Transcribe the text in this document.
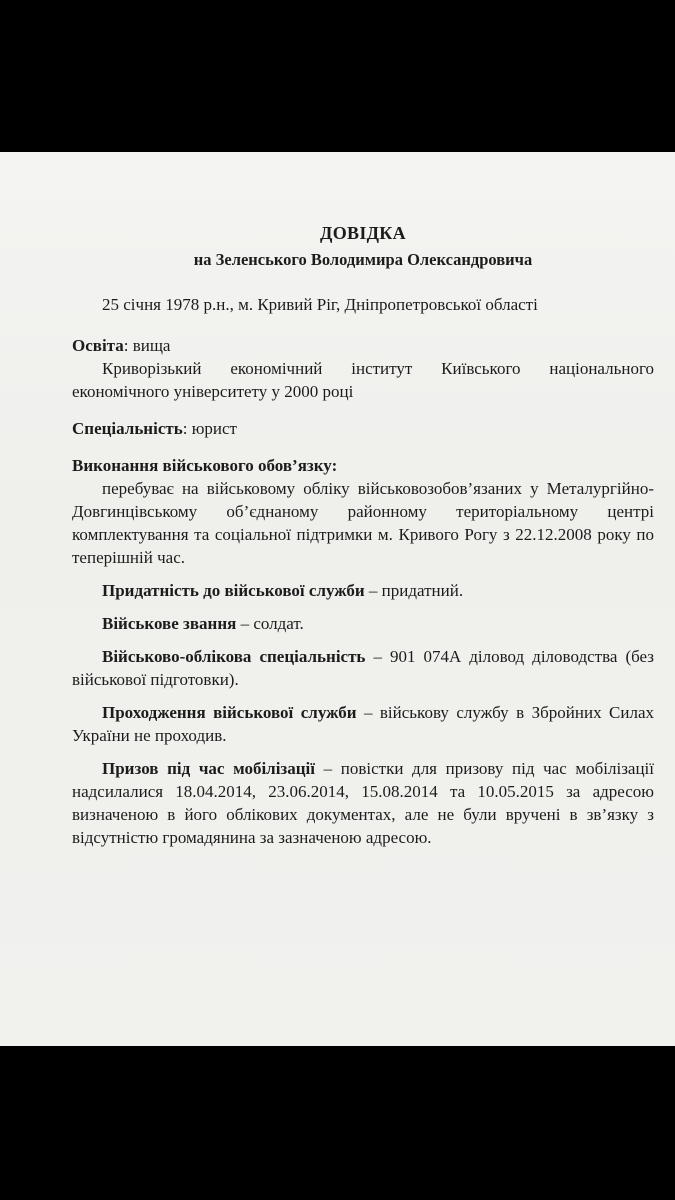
ДОВІДКА

на Зеленського Володимира Олександровича

25 січня 1978 р.н., м. Кривий Ріг, Дніпропетровської області

Освіта: вища

Криворізький економічний інститут Київського національного економічного університету у 2000 році

Спеціальність: юрист

Виконання військового обов’язку:

перебуває на військовому обліку військовозобов’язаних у Металургійно-Довгинцівському об’єднаному районному територіальному центрі комплектування та соціальної підтримки м. Кривого Рогу з 22.12.2008 року по теперішній час.

Придатність до військової служби – придатний.

Військове звання – солдат.

Військово-облікова спеціальність – 901 074А діловод діловодства (без військової підготовки).

Проходження військової служби – військову службу в Збройних Силах України не проходив.

Призов під час мобілізації – повістки для призову під час мобілізації надсилалися 18.04.2014, 23.06.2014, 15.08.2014 та 10.05.2015 за адресою визначеною в його облікових документах, але не були вручені в зв’язку з відсутністю громадянина за зазначеною адресою.
